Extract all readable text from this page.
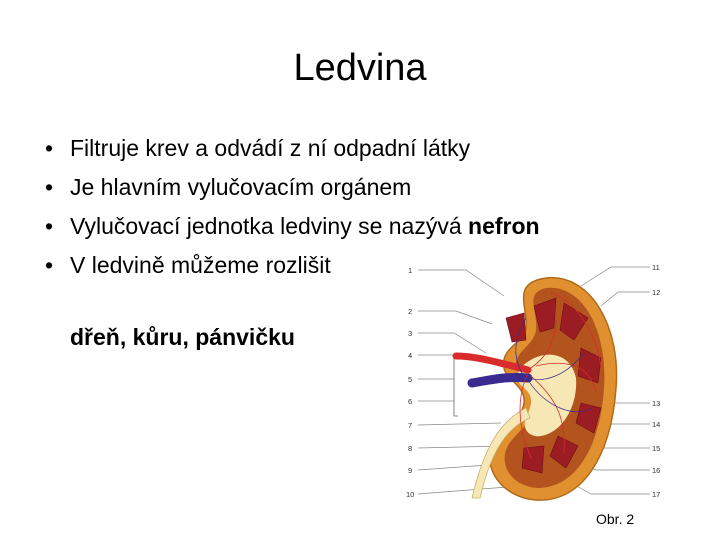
Ledvina
• Filtruje krev a odvádí z ní odpadní látky
• Je hlavním vylučovacím orgánem
• Vylučovací jednotka ledviny se nazývá nefron
• V ledvině můžeme rozlišit
dřeň, kůru, pánvičku
1
2
3
4
5
6
7
8
9
10
11
12
13
14
15
16
17
Obr. 2
